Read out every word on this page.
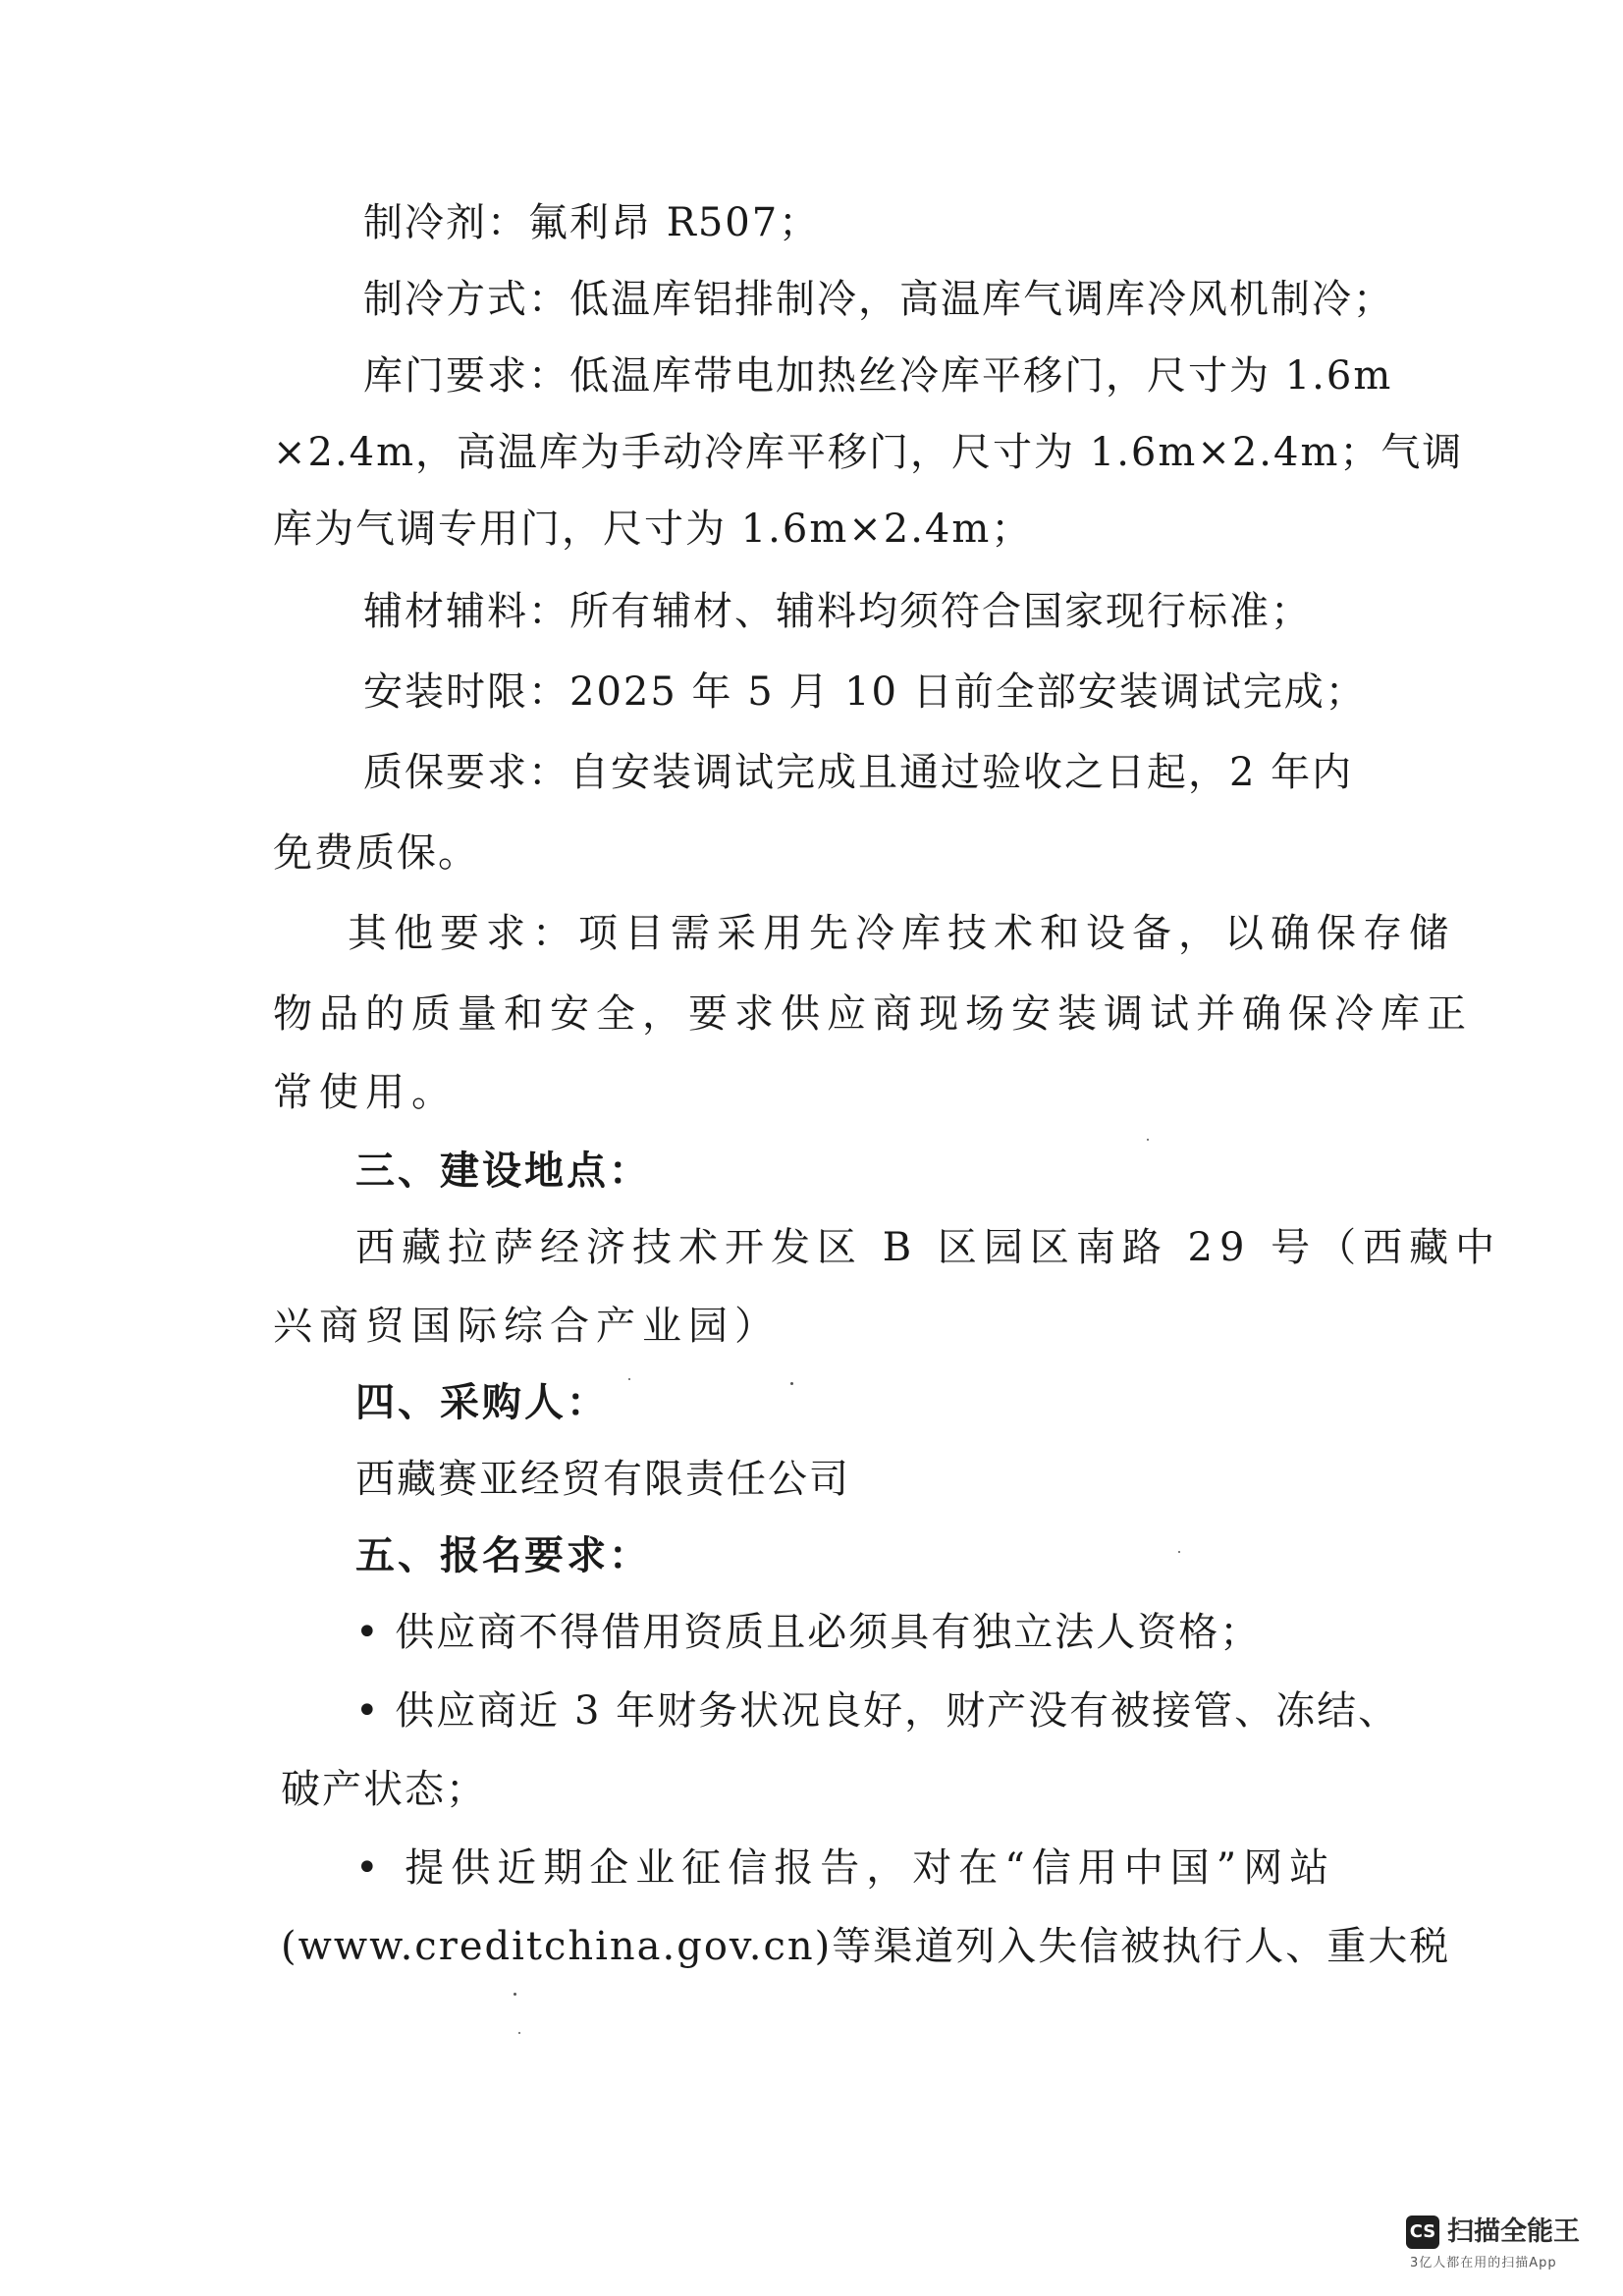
制冷剂：氟利昂 R507；
制冷方式：低温库铝排制冷，高温库气调库冷风机制冷；
库门要求：低温库带电加热丝冷库平移门，尺寸为 1.6m
×2.4m，高温库为手动冷库平移门，尺寸为 1.6m×2.4m；气调
库为气调专用门，尺寸为 1.6m×2.4m；
辅材辅料：所有辅材、辅料均须符合国家现行标准；
安装时限：2025 年 5 月 10 日前全部安装调试完成；
质保要求：自安装调试完成且通过验收之日起，2 年内
免费质保。
其他要求：项目需采用先冷库技术和设备，以确保存储
物品的质量和安全，要求供应商现场安装调试并确保冷库正
常使用。
三、建设地点：
西藏拉萨经济技术开发区 B 区园区南路 29 号（西藏中
兴商贸国际综合产业园）
四、采购人：
西藏赛亚经贸有限责任公司
五、报名要求：
• 供应商不得借用资质且必须具有独立法人资格；
• 供应商近 3 年财务状况良好，财产没有被接管、冻结、
破产状态；
• 提供近期企业征信报告，对在“信用中国”网站
(www.creditchina.gov.cn)等渠道列入失信被执行人、重大税
CS 扫描全能王
3亿人都在用的扫描App
